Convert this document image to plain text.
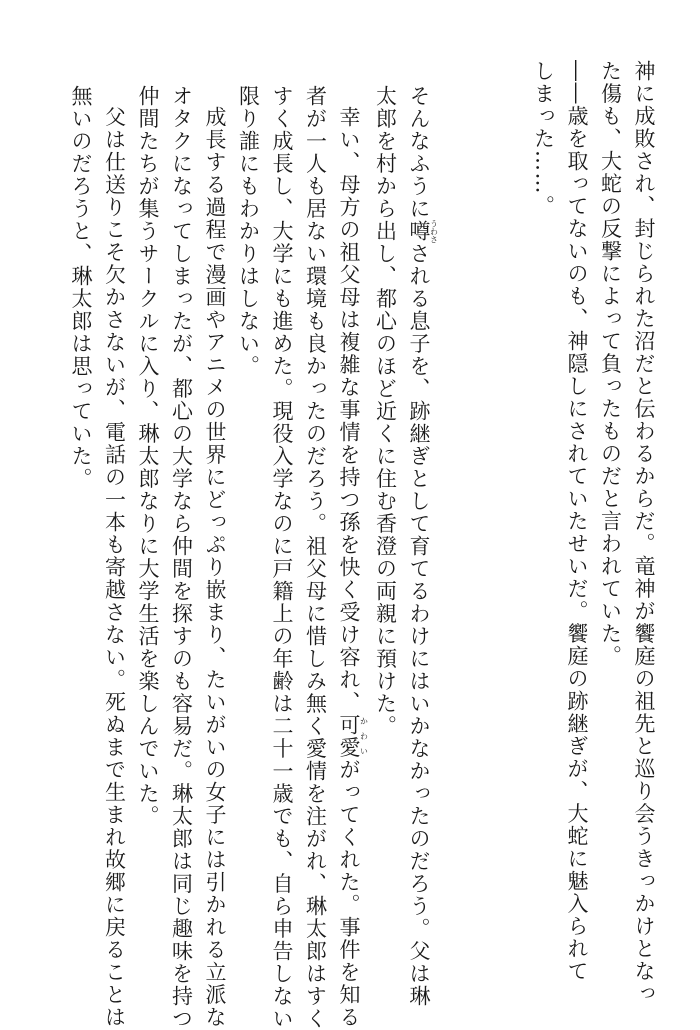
神に成敗され、封じられた沼だと伝わるからだ。竜神が饗庭の祖先と巡り会うきっかけとなっ
た傷も、大蛇の反撃によって負ったものだと言われていた。
――歳を取ってないのも、神隠しにされていたせいだ。饗庭の跡継ぎが、大蛇に魅入られて
しまった……。
そんなふうに噂うわさされる息子を、跡継ぎとして育てるわけにはいかなかったのだろう。父は琳
太郎を村から出し、都心のほど近くに住む香澄の両親に預けた。
幸い、母方の祖父母は複雑な事情を持つ孫を快く受け容れ、可愛かわいがってくれた。事件を知る
者が一人も居ない環境も良かったのだろう。祖父母に惜しみ無く愛情を注がれ、琳太郎はすく
すく成長し、大学にも進めた。現役入学なのに戸籍上の年齢は二十一歳でも、自ら申告しない
限り誰にもわかりはしない。
成長する過程で漫画やアニメの世界にどっぷり嵌まり、たいがいの女子には引かれる立派な
オタクになってしまったが、都心の大学なら仲間を探すのも容易だ。琳太郎は同じ趣味を持つ
仲間たちが集うサークルに入り、琳太郎なりに大学生活を楽しんでいた。
父は仕送りこそ欠かさないが、電話の一本も寄越さない。死ぬまで生まれ故郷に戻ることは
無いのだろうと、琳太郎は思っていた。
